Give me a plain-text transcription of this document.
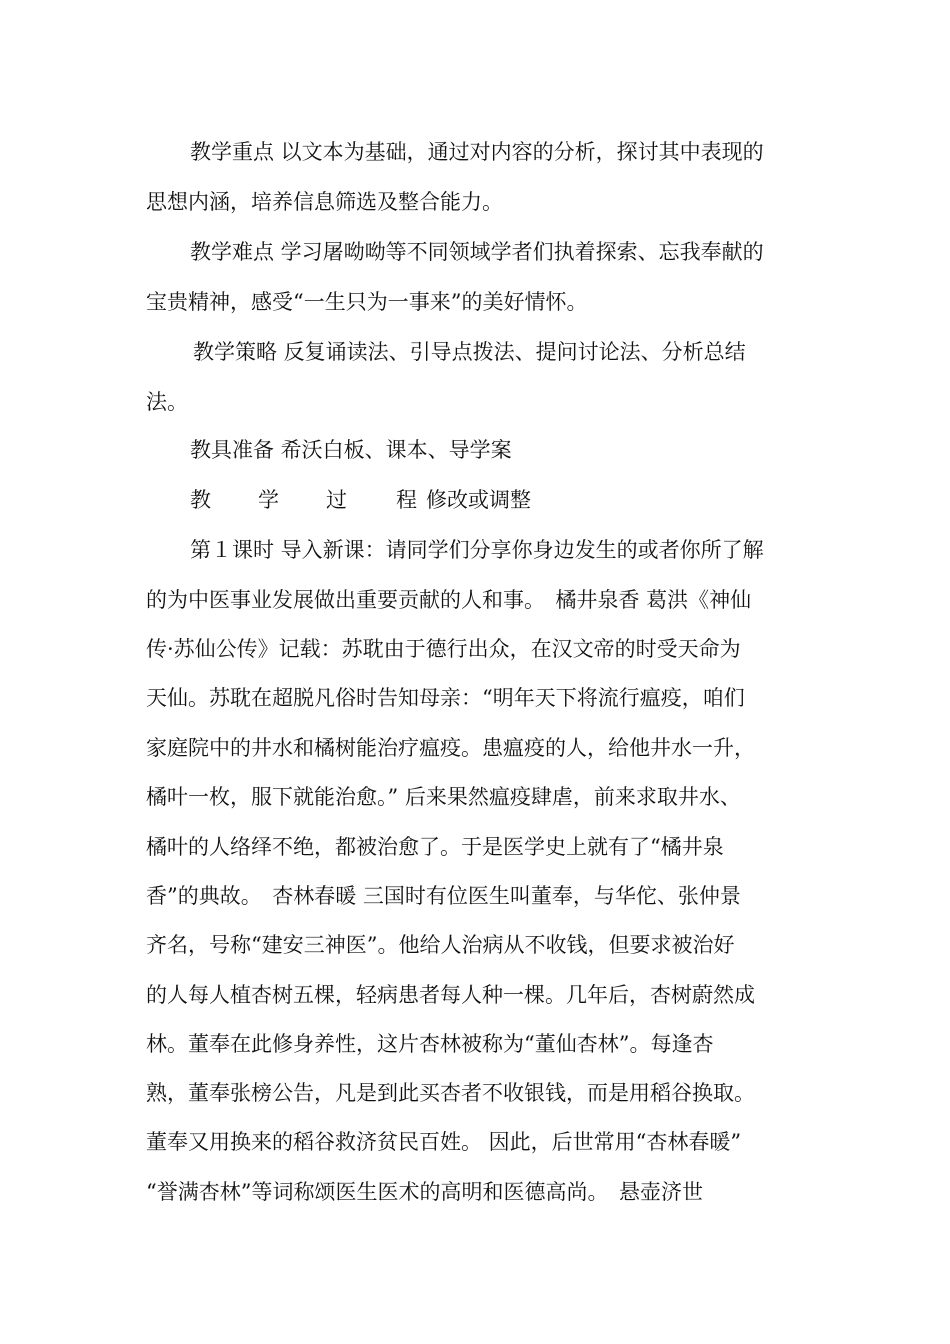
教学重点 以文本为基础，通过对内容的分析，探讨其中表现的
思想内涵，培养信息筛选及整合能力。
教学难点 学习屠呦呦等不同领域学者们执着探索、忘我奉献的
宝贵精神，感受“一生只为一事来”的美好情怀。
教学策略 反复诵读法、引导点拨法、提问讨论法、分析总结
法。
教具准备 希沃白板、课本、导学案
教 学 过 程 修改或调整
第１课时 导入新课：请同学们分享你身边发生的或者你所了解
的为中医事业发展做出重要贡献的人和事。　橘井泉香 葛洪《神仙
传·苏仙公传》记载：苏耽由于德行出众，在汉文帝的时受天命为
天仙。苏耽在超脱凡俗时告知母亲：“明年天下将流行瘟疫，咱们
家庭院中的井水和橘树能治疗瘟疫。患瘟疫的人，给他井水一升，
橘叶一枚，服下就能治愈。” 后来果然瘟疫肆虐，前来求取井水、
橘叶的人络绎不绝，都被治愈了。于是医学史上就有了“橘井泉
香”的典故。　杏林春暖 三国时有位医生叫董奉，与华佗、张仲景
齐名，号称“建安三神医”。他给人治病从不收钱，但要求被治好
的人每人植杏树五棵，轻病患者每人种一棵。几年后，杏树蔚然成
林。董奉在此修身养性，这片杏林被称为“董仙杏林”。每逢杏
熟，董奉张榜公告，凡是到此买杏者不收银钱，而是用稻谷换取。
董奉又用换来的稻谷救济贫民百姓。 因此，后世常用“杏林春暖”
“誉满杏林”等词称颂医生医术的高明和医德高尚。　悬壶济世
